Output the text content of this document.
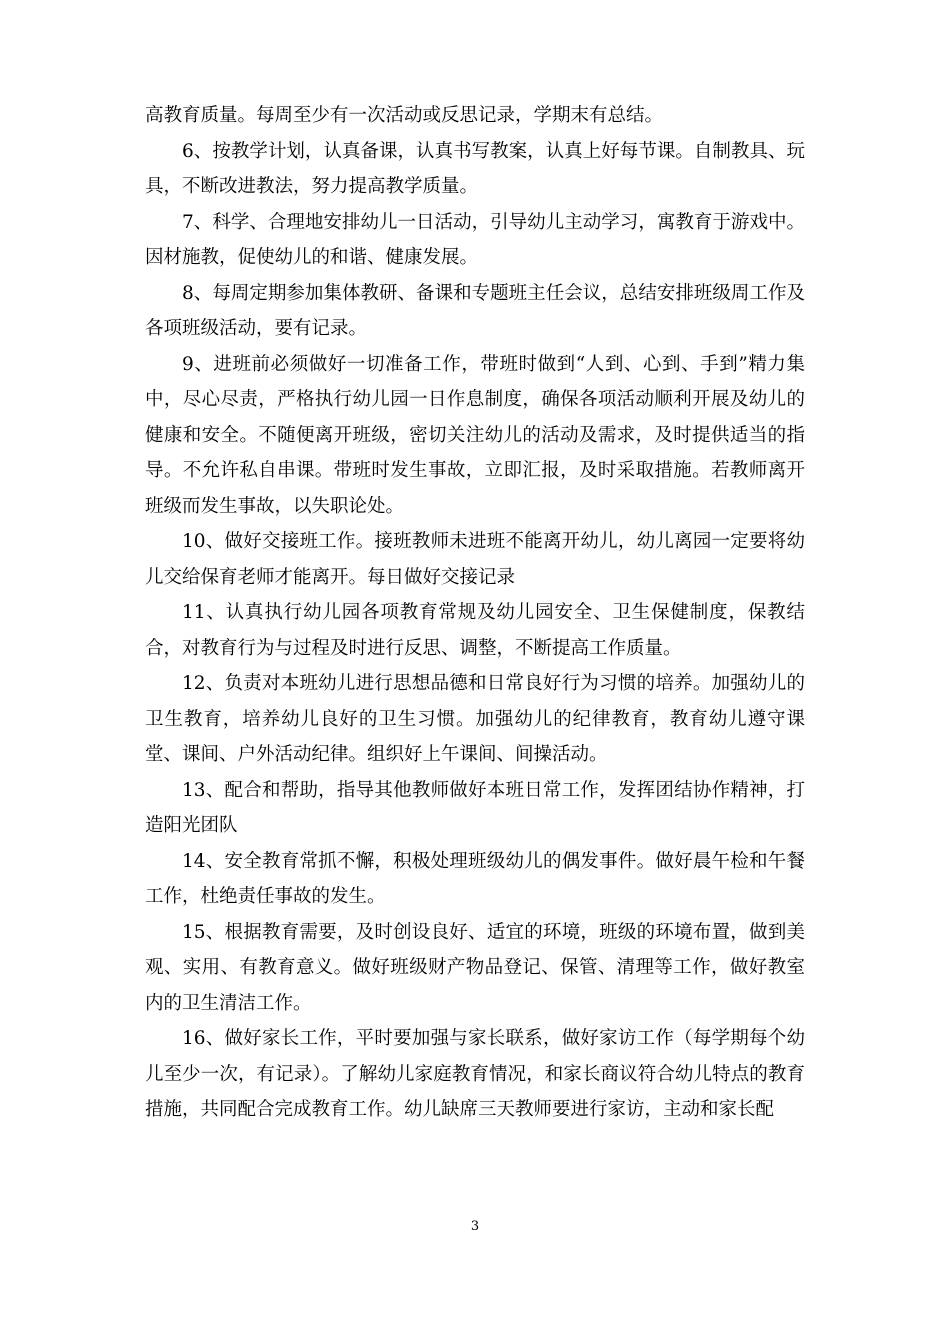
高教育质量。每周至少有一次活动或反思记录，学期末有总结。

6、按教学计划，认真备课，认真书写教案，认真上好每节课。自制教具、玩具，不断改进教法，努力提高教学质量。

7、科学、合理地安排幼儿一日活动，引导幼儿主动学习，寓教育于游戏中。因材施教，促使幼儿的和谐、健康发展。

8、每周定期参加集体教研、备课和专题班主任会议，总结安排班级周工作及各项班级活动，要有记录。

9、进班前必须做好一切准备工作，带班时做到“人到、心到、手到”精力集中，尽心尽责，严格执行幼儿园一日作息制度，确保各项活动顺利开展及幼儿的健康和安全。不随便离开班级，密切关注幼儿的活动及需求，及时提供适当的指导。不允许私自串课。带班时发生事故，立即汇报，及时采取措施。若教师离开班级而发生事故，以失职论处。

10、做好交接班工作。接班教师未进班不能离开幼儿，幼儿离园一定要将幼儿交给保育老师才能离开。每日做好交接记录

11、认真执行幼儿园各项教育常规及幼儿园安全、卫生保健制度，保教结合，对教育行为与过程及时进行反思、调整，不断提高工作质量。

12、负责对本班幼儿进行思想品德和日常良好行为习惯的培养。加强幼儿的卫生教育，培养幼儿良好的卫生习惯。加强幼儿的纪律教育，教育幼儿遵守课堂、课间、户外活动纪律。组织好上午课间、间操活动。

13、配合和帮助，指导其他教师做好本班日常工作，发挥团结协作精神，打造阳光团队

14、安全教育常抓不懈，积极处理班级幼儿的偶发事件。做好晨午检和午餐工作，杜绝责任事故的发生。

15、根据教育需要，及时创设良好、适宜的环境，班级的环境布置，做到美观、实用、有教育意义。做好班级财产物品登记、保管、清理等工作，做好教室内的卫生清洁工作。

16、做好家长工作，平时要加强与家长联系，做好家访工作（每学期每个幼儿至少一次，有记录）。了解幼儿家庭教育情况，和家长商议符合幼儿特点的教育措施，共同配合完成教育工作。幼儿缺席三天教师要进行家访，主动和家长配

3
